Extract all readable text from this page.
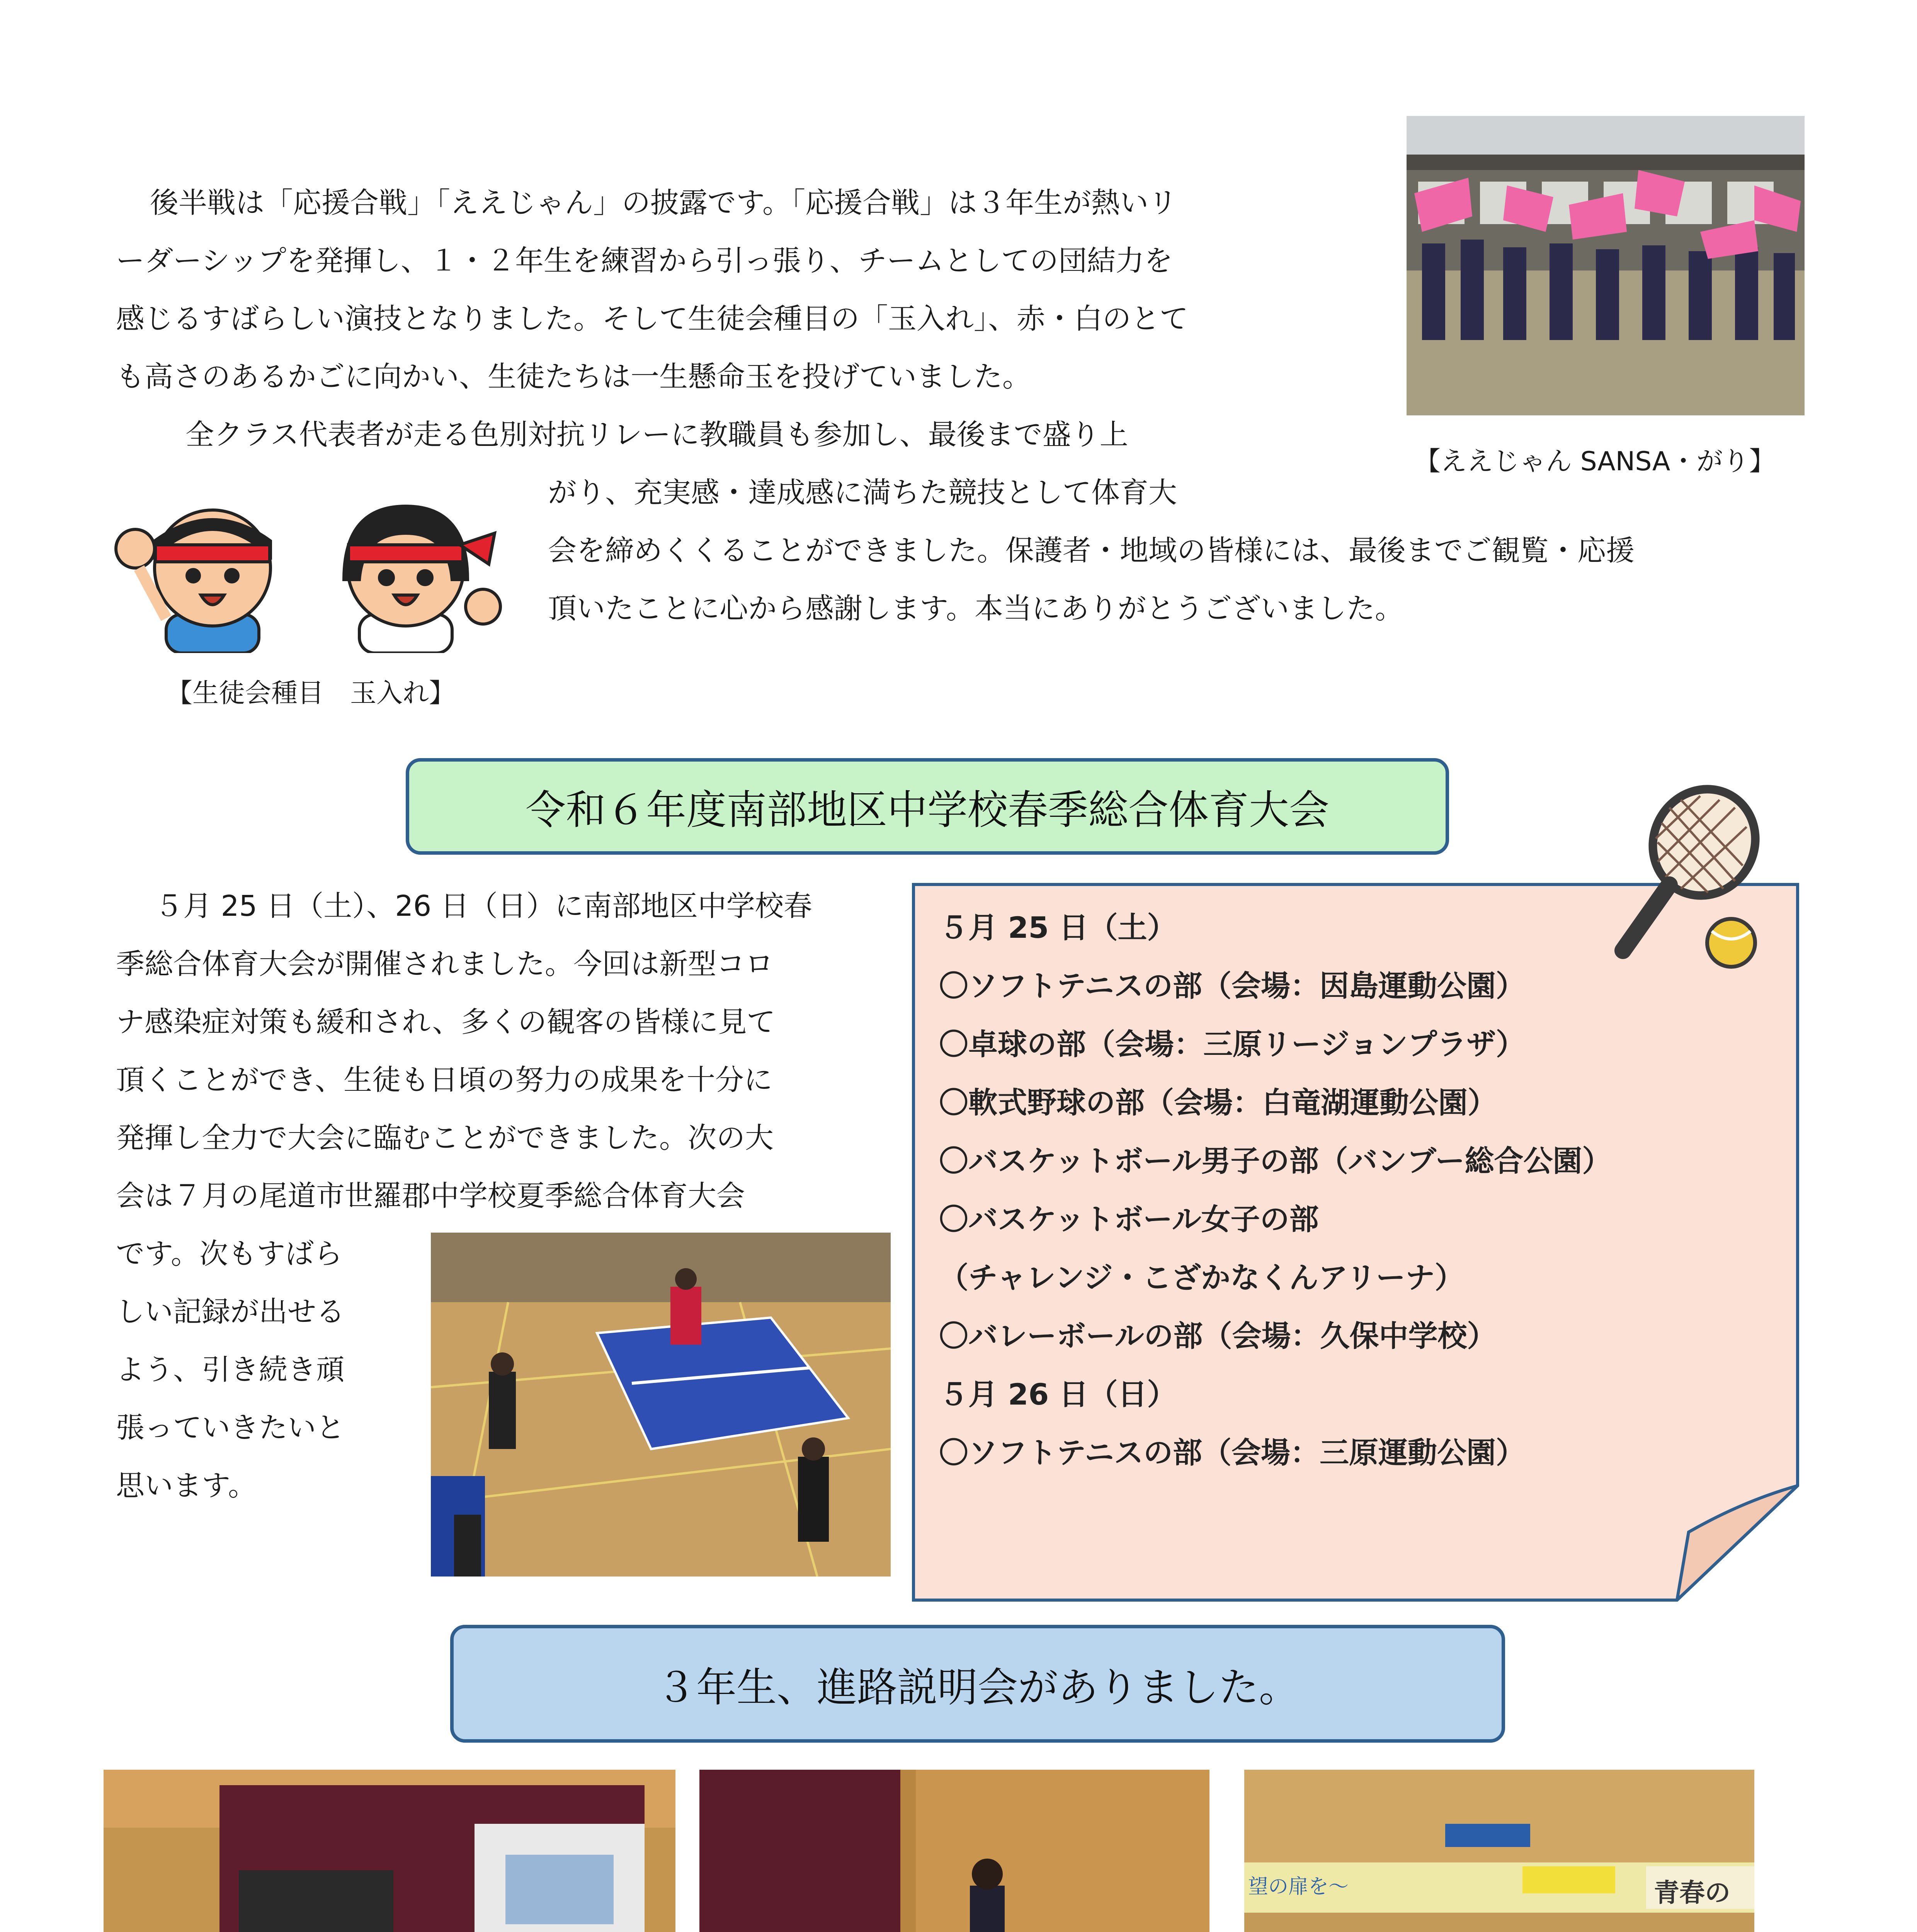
後半戦は「応援合戦」「ええじゃん」の披露です。「応援合戦」は３年生が熱いリ

ーダーシップを発揮し、１・２年生を練習から引っ張り、チームとしての団結力を

感じるすばらしい演技となりました。そして生徒会種目の「玉入れ」、赤・白のとて

も高さのあるかごに向かい、生徒たちは一生懸命玉を投げていました。

全クラス代表者が走る色別対抗リレーに教職員も参加し、最後まで盛り上

がり、充実感・達成感に満ちた競技として体育大

会を締めくくることができました。保護者・地域の皆様には、最後までご観覧・応援

頂いたことに心から感謝します。本当にありがとうございました。

【ええじゃん SANSA・がり】
【生徒会種目　玉入れ】
令和６年度南部地区中学校春季総合体育大会

５月 25 日（土）、26 日（日）に南部地区中学校春

季総合体育大会が開催されました。今回は新型コロ

ナ感染症対策も緩和され、多くの観客の皆様に見て

頂くことができ、生徒も日頃の努力の成果を十分に

発揮し全力で大会に臨むことができました。次の大

会は７月の尾道市世羅郡中学校夏季総合体育大会

です。次もすばら

しい記録が出せる

よう、引き続き頑

張っていきたいと

思います。

５月 25 日（土）
〇ソフトテニスの部（会場：因島運動公園）
〇卓球の部（会場：三原リージョンプラザ）
〇軟式野球の部（会場：白竜湖運動公園）
〇バスケットボール男子の部（バンブー総合公園）
〇バスケットボール女子の部
（チャレンジ・こざかなくんアリーナ）
〇バレーボールの部（会場：久保中学校）
５月 26 日（日）
〇ソフトテニスの部（会場：三原運動公園）
３年生、進路説明会がありました。
望の扉を～	青春の
